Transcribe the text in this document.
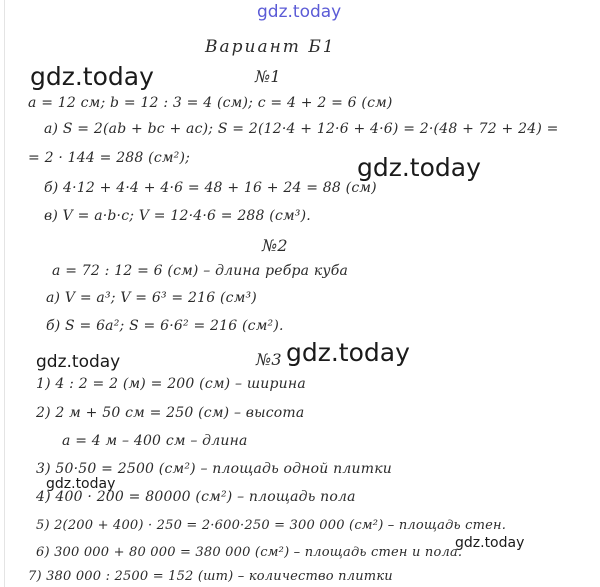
gdz.today
gdz.today
gdz.today
gdz.today	gdz.today
gdz.today
gdz.today
Вариант Б1
№1
a = 12 см; b = 12 : 3 = 4 (см); c = 4 + 2 = 6 (см)
а) S = 2(ab + bc + ac); S = 2(12·4 + 12·6 + 4·6) = 2·(48 + 72 + 24) =
= 2 · 144 = 288 (см²);
б) 4·12 + 4·4 + 4·6 = 48 + 16 + 24 = 88 (см)
в) V = a·b·c; V = 12·4·6 = 288 (см³).
№2
a = 72 : 12 = 6 (см) – длина ребра куба
а) V = a³; V = 6³ = 216 (см³)
б) S = 6a²; S = 6·6² = 216 (см²).
№3
1) 4 : 2 = 2 (м) = 200 (см) – ширина
2) 2 м + 50 см = 250 (см) – высота
a = 4 м – 400 см – длина
3) 50·50 = 2500 (см²) – площадь одной плитки
4) 400 · 200 = 80000 (см²) – площадь пола
5) 2(200 + 400) · 250 = 2·600·250 = 300 000 (см²) – площадь стен.
6) 300 000 + 80 000 = 380 000 (см²) – площадь стен и пола.
7) 380 000 : 2500 = 152 (шт) – количество плитки
